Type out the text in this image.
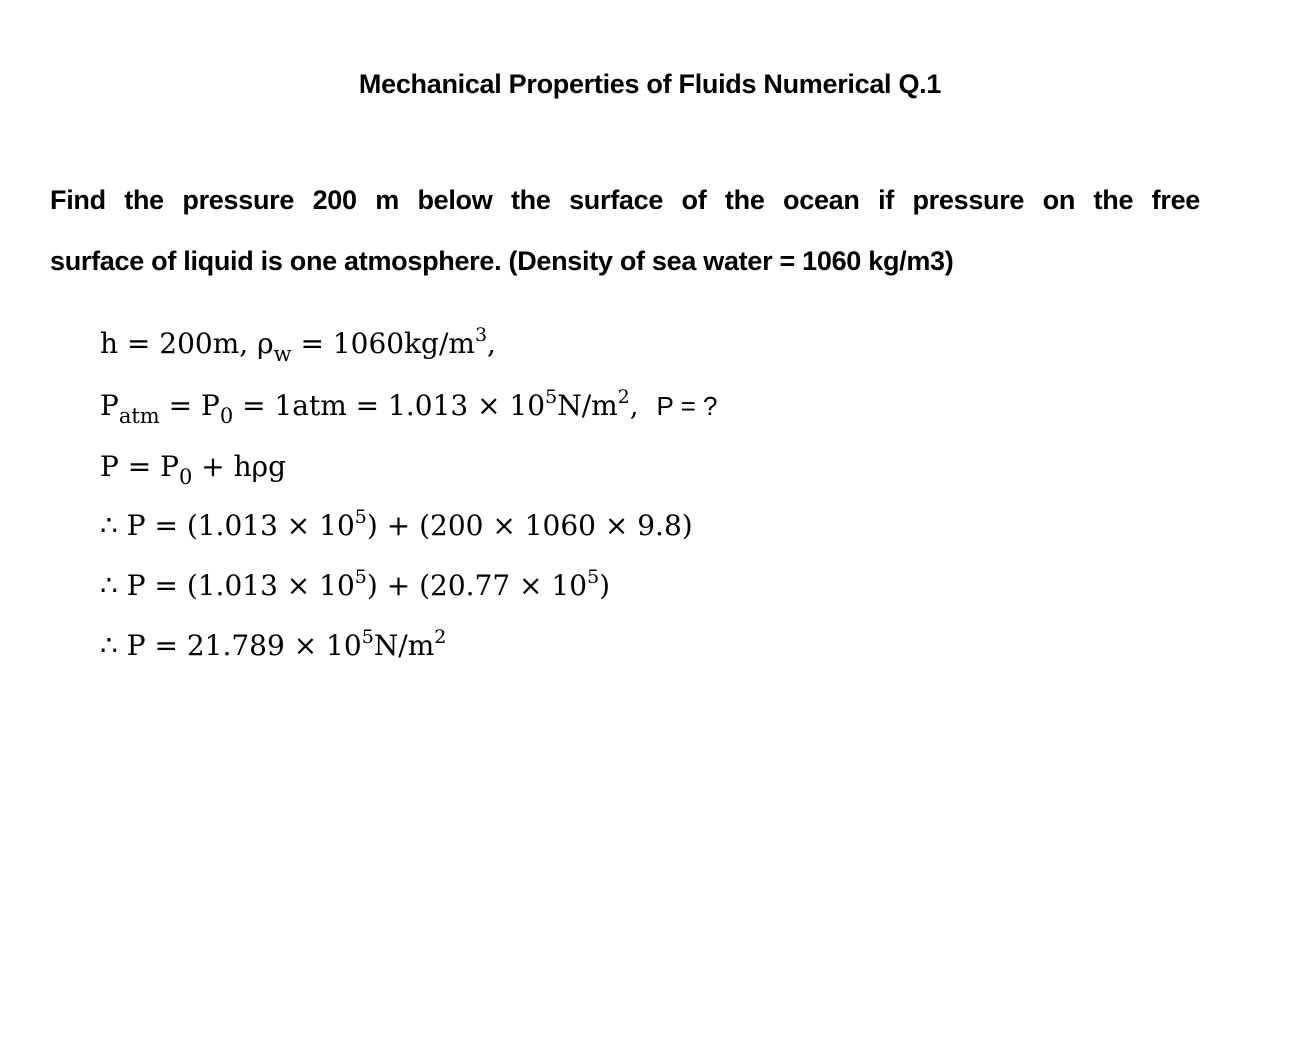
Mechanical Properties of Fluids Numerical Q.1
Find the pressure 200 m below the surface of the ocean if pressure on the free
surface of liquid is one atmosphere. (Density of sea water = 1060 kg/m3)
h = 200m, $\rho_w = 1060kg/m^3$,
$P_{atm} = P_0 = 1atm = 1.013 \times 10^5N/m^2$, P = ?
$P = P_0 + h\rho g$
∴ $P = (1.013 \times 10^5) + (200 \times 1060 \times 9.8)$
∴ $P = (1.013 \times 10^5) + (20.77 \times 10^5)$
∴ $P = 21.789 \times 10^5N/m^2$
